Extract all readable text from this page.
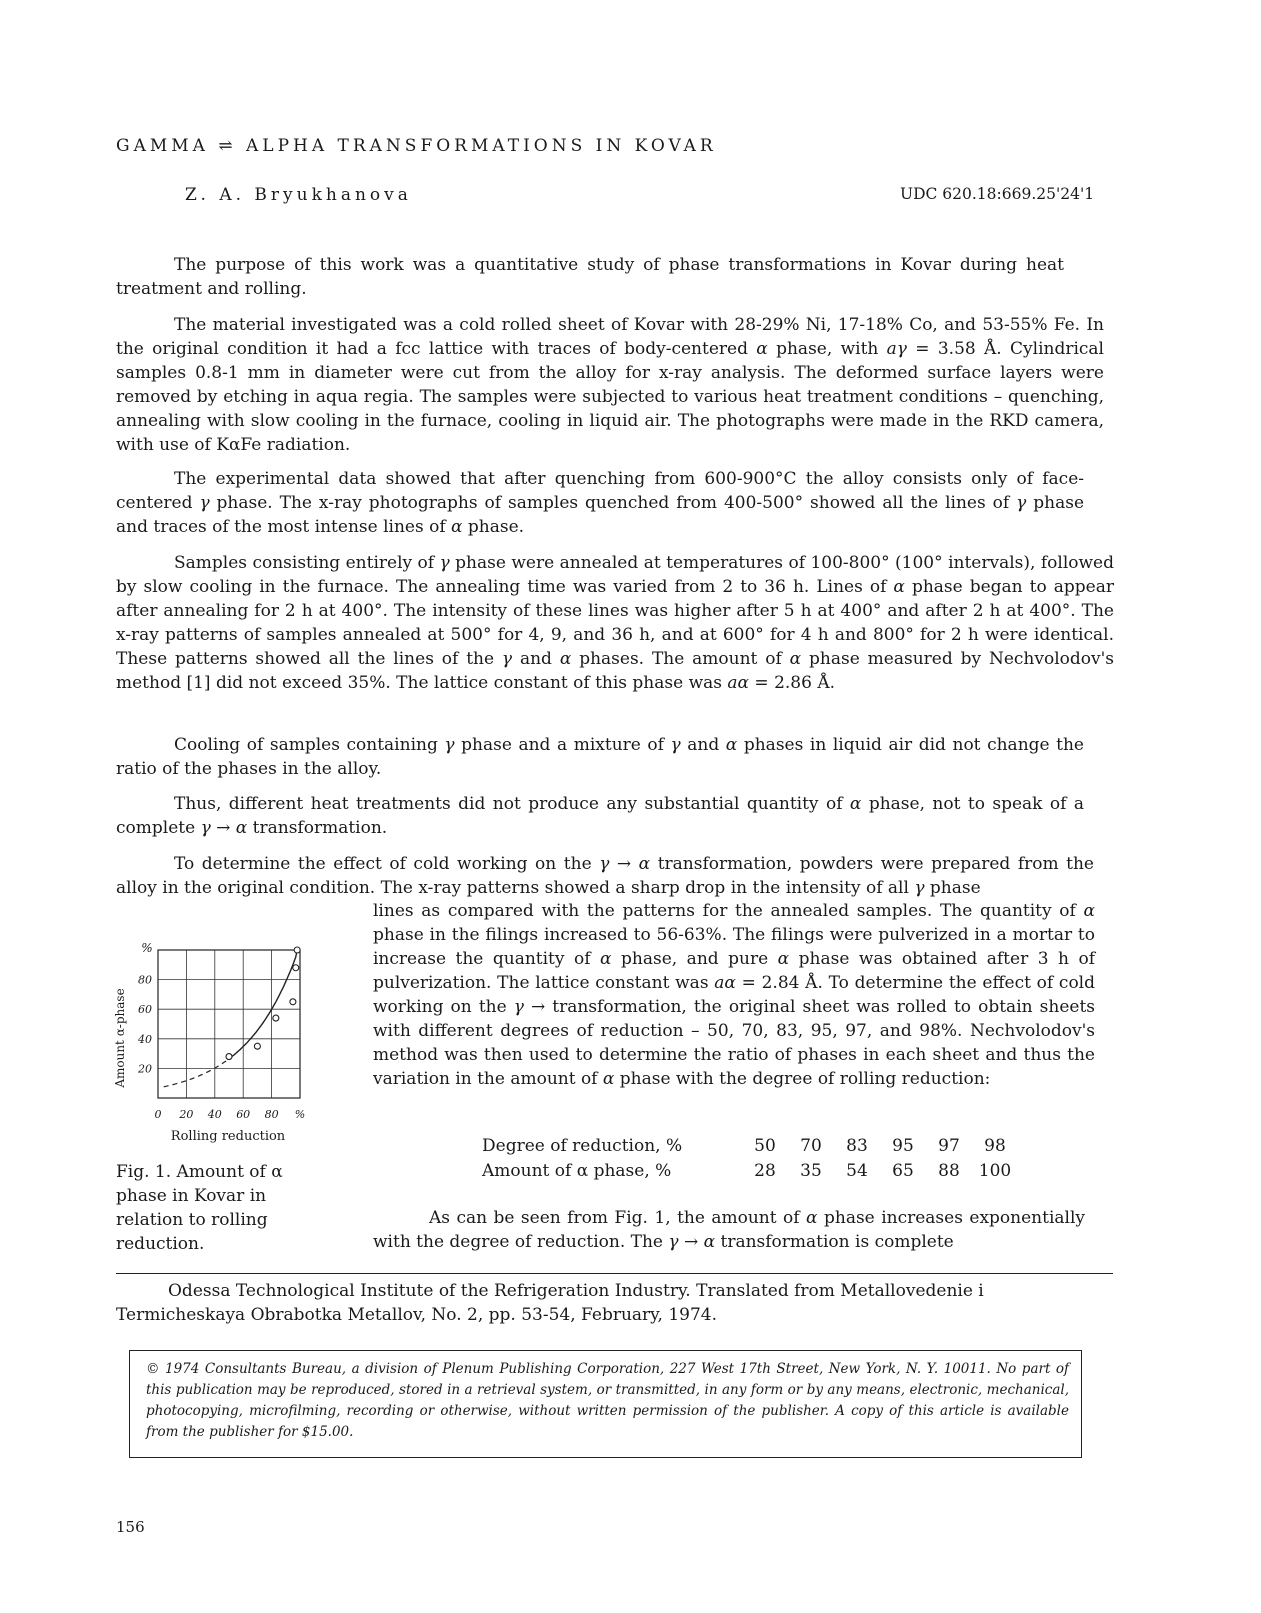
GAMMA ⇌ ALPHA TRANSFORMATIONS IN KOVAR
Z. A. Bryukhanova	UDC 620.18:669.25'24'1

The purpose of this work was a quantitative study of phase transformations in Kovar during heat treatment and rolling.

The material investigated was a cold rolled sheet of Kovar with 28-29% Ni, 17-18% Co, and 53-55% Fe. In the original condition it had a fcc lattice with traces of body-centered α phase, with aγ = 3.58 Å. Cylindrical samples 0.8-1 mm in diameter were cut from the alloy for x-ray analysis. The deformed surface layers were removed by etching in aqua regia. The samples were subjected to various heat treatment conditions – quenching, annealing with slow cooling in the furnace, cooling in liquid air. The photographs were made in the RKD camera, with use of KαFe radiation.

The experimental data showed that after quenching from 600-900°C the alloy consists only of face-centered γ phase. The x-ray photographs of samples quenched from 400-500° showed all the lines of γ phase and traces of the most intense lines of α phase.

Samples consisting entirely of γ phase were annealed at temperatures of 100-800° (100° intervals), followed by slow cooling in the furnace. The annealing time was varied from 2 to 36 h. Lines of α phase began to appear after annealing for 2 h at 400°. The intensity of these lines was higher after 5 h at 400° and after 2 h at 400°. The x-ray patterns of samples annealed at 500° for 4, 9, and 36 h, and at 600° for 4 h and 800° for 2 h were identical. These patterns showed all the lines of the γ and α phases. The amount of α phase measured by Nechvolodov's method [1] did not exceed 35%. The lattice constant of this phase was aα = 2.86 Å.

Cooling of samples containing γ phase and a mixture of γ and α phases in liquid air did not change the ratio of the phases in the alloy.

Thus, different heat treatments did not produce any substantial quantity of α phase, not to speak of a complete γ → α transformation.

To determine the effect of cold working on the γ → α transformation, powders were prepared from the alloy in the original condition. The x-ray patterns showed a sharp drop in the intensity of all γ phase

lines as compared with the patterns for the annealed samples. The quantity of α phase in the filings increased to 56-63%. The filings were pulverized in a mortar to increase the quantity of α phase, and pure α phase was obtained after 3 h of pulverization. The lattice constant was aα = 2.84 Å. To determine the effect of cold working on the γ → transformation, the original sheet was rolled to obtain sheets with different degrees of reduction – 50, 70, 83, 95, 97, and 98%. Nechvolodov's method was then used to determine the ratio of phases in each sheet and thus the variation in the amount of α phase with the degree of rolling reduction:

Degree of reduction, %	50	70	83	95	97	98
Amount of α phase, %	28	35	54	65	88	100

As can be seen from Fig. 1, the amount of α phase increases exponentially with the degree of reduction. The γ → α transformation is complete

0 20 40 60 80 %
20
40
60
80
Amount α-phase
%
Rolling reduction
Fig. 1. Amount of α phase in Kovar in relation to rolling reduction.
Odessa Technological Institute of the Refrigeration Industry. Translated from Metallovedenie i Termicheskaya Obrabotka Metallov, No. 2, pp. 53-54, February, 1974.
© 1974 Consultants Bureau, a division of Plenum Publishing Corporation, 227 West 17th Street, New York, N. Y. 10011. No part of this publication may be reproduced, stored in a retrieval system, or transmitted, in any form or by any means, electronic, mechanical, photocopying, microfilming, recording or otherwise, without written permission of the publisher. A copy of this article is available from the publisher for $15.00.
156
